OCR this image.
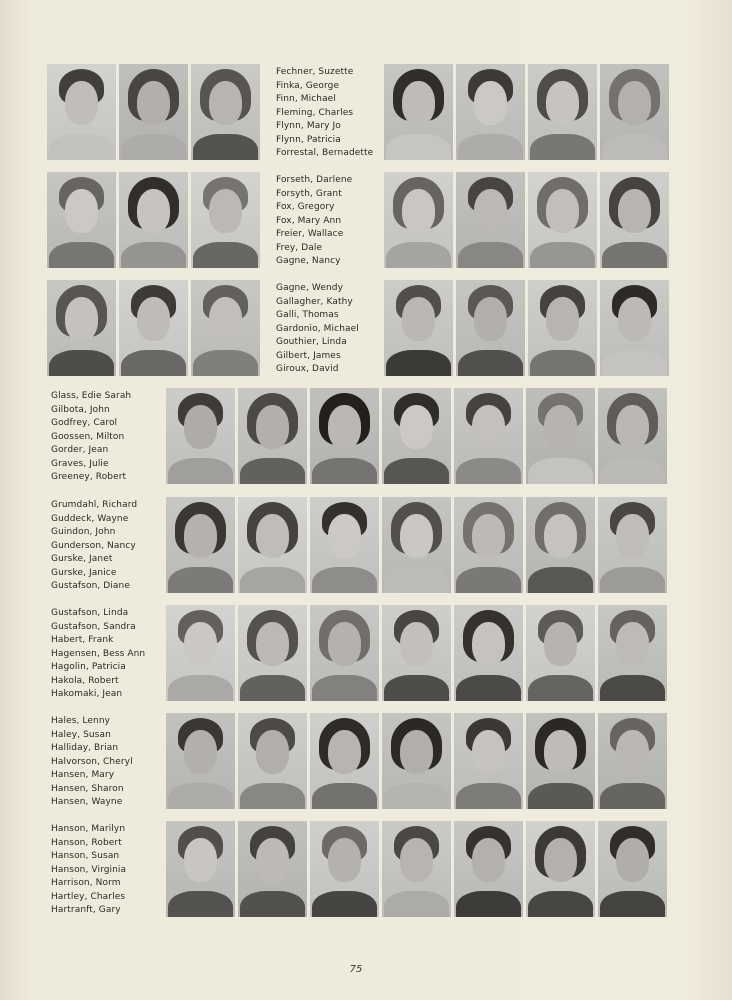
Fechner, Suzette
Finka, George
Finn, Michael
Fleming, Charles
Flynn, Mary Jo
Flynn, Patricia
Forrestal, Bernadette
Forseth, Darlene
Forsyth, Grant
Fox, Gregory
Fox, Mary Ann
Freier, Wallace
Frey, Dale
Gagne, Nancy
Gagne, Wendy
Gallagher, Kathy
Galli, Thomas
Gardonio, Michael
Gouthier, Linda
Gilbert, James
Giroux, David
Glass, Edie Sarah
Gilbota, John
Godfrey, Carol
Goossen, Milton
Gorder, Jean
Graves, Julie
Greeney, Robert
Grumdahl, Richard
Guddeck, Wayne
Guindon, John
Gunderson, Nancy
Gurske, Janet
Gurske, Janice
Gustafson, Diane
Gustafson, Linda
Gustafson, Sandra
Habert, Frank
Hagensen, Bess Ann
Hagolin, Patricia
Hakola, Robert
Hakomaki, Jean
Hales, Lenny
Haley, Susan
Halliday, Brian
Halvorson, Cheryl
Hansen, Mary
Hansen, Sharon
Hansen, Wayne
Hanson, Marilyn
Hanson, Robert
Hanson, Susan
Hanson, Virginia
Harrison, Norm
Hartley, Charles
Hartranft, Gary
75
